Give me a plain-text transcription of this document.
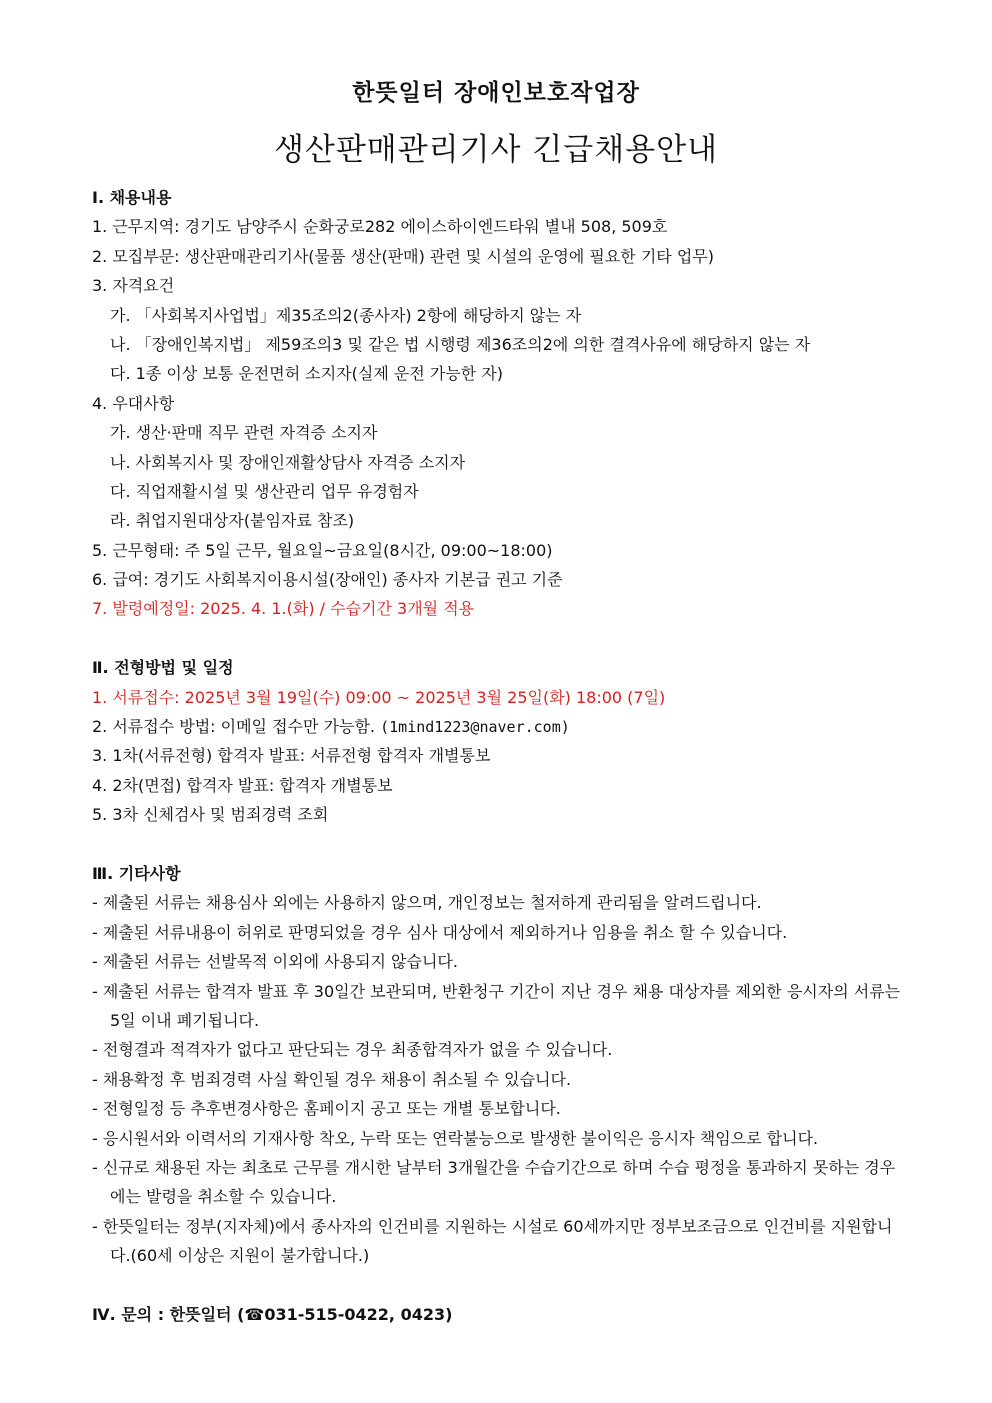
한뜻일터 장애인보호작업장
생산판매관리기사 긴급채용안내
Ⅰ. 채용내용
1. 근무지역: 경기도 남양주시 순화궁로282 에이스하이엔드타워 별내 508, 509호
2. 모집부문: 생산판매관리기사(물품 생산(판매) 관련 및 시설의 운영에 필요한 기타 업무)
3. 자격요건
가. 「사회복지사업법」제35조의2(종사자) 2항에 해당하지 않는 자
나. 「장애인복지법」 제59조의3 및 같은 법 시행령 제36조의2에 의한 결격사유에 해당하지 않는 자
다. 1종 이상 보통 운전면허 소지자(실제 운전 가능한 자)
4. 우대사항
가. 생산·판매 직무 관련 자격증 소지자
나. 사회복지사 및 장애인재활상담사 자격증 소지자
다. 직업재활시설 및 생산관리 업무 유경험자
라. 취업지원대상자(붙임자료 참조)
5. 근무형태: 주 5일 근무, 월요일~금요일(8시간, 09:00~18:00)
6. 급여: 경기도 사회복지이용시설(장애인) 종사자 기본급 권고 기준
7. 발령예정일: 2025. 4. 1.(화) / 수습기간 3개월 적용
Ⅱ. 전형방법 및 일정
1. 서류접수: 2025년 3월 19일(수) 09:00 ~ 2025년 3월 25일(화) 18:00 (7일)
2. 서류접수 방법: 이메일 접수만 가능함. (1mind1223@naver.com)
3. 1차(서류전형) 합격자 발표: 서류전형 합격자 개별통보
4. 2차(면접) 합격자 발표: 합격자 개별통보
5. 3차 신체검사 및 범죄경력 조회
Ⅲ. 기타사항
- 제출된 서류는 채용심사 외에는 사용하지 않으며, 개인정보는 철저하게 관리됨을 알려드립니다.
- 제출된 서류내용이 허위로 판명되었을 경우 심사 대상에서 제외하거나 임용을 취소 할 수 있습니다.
- 제출된 서류는 선발목적 이외에 사용되지 않습니다.
- 제출된 서류는 합격자 발표 후 30일간 보관되며, 반환청구 기간이 지난 경우 채용 대상자를 제외한 응시자의 서류는 5일 이내 폐기됩니다.
- 전형결과 적격자가 없다고 판단되는 경우 최종합격자가 없을 수 있습니다.
- 채용확정 후 범죄경력 사실 확인될 경우 채용이 취소될 수 있습니다.
- 전형일정 등 추후변경사항은 홈페이지 공고 또는 개별 통보합니다.
- 응시원서와 이력서의 기재사항 착오, 누락 또는 연락불능으로 발생한 불이익은 응시자 책임으로 합니다.
- 신규로 채용된 자는 최초로 근무를 개시한 날부터 3개월간을 수습기간으로 하며 수습 평정을 통과하지 못하는 경우에는 발령을 취소할 수 있습니다.
- 한뜻일터는 정부(지자체)에서 종사자의 인건비를 지원하는 시설로 60세까지만 정부보조금으로 인건비를 지원합니다.(60세 이상은 지원이 불가합니다.)
Ⅳ. 문의 : 한뜻일터 (☎031-515-0422, 0423)
